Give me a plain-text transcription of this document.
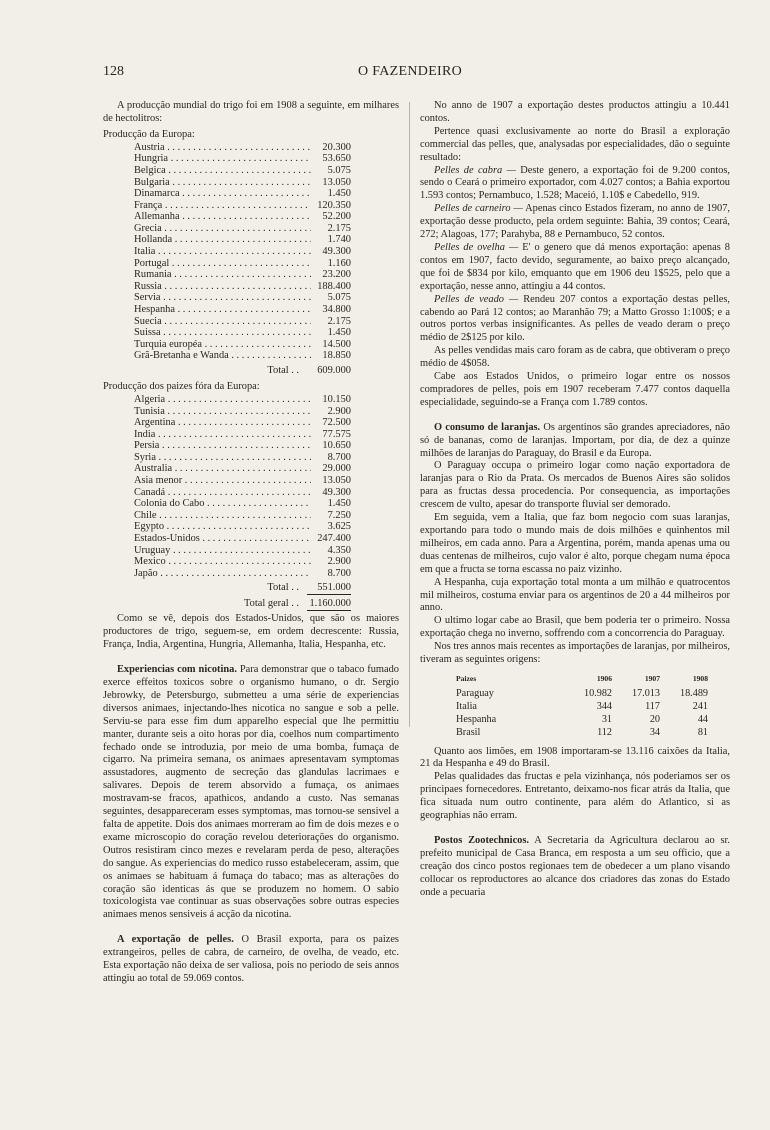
128	O FAZENDEIRO

A producção mundial do trigo foi em 1908 a seguinte, em milhares de hectolitros:

Producção da Europa:

Austria . . .	20.300
Hungria . . .	53.650
Belgica . . .	5.075
Bulgaria . . .	13.050
Dinamarca . . .	1.450
França . . .	120.350
Allemanha . . .	52.200
Grecia . . .	2.175
Hollanda . . .	1.740
Italia . . .	49.300
Portugal . . .	1.160
Rumania . . .	23.200
Russia . . .	188.400
Servia . . .	5.075
Hespanha . . .	34.800
Suecia . . .	2.175
Suissa . . .	1.450
Turquia européa . . .	14.500
Grã-Bretanha e Wanda . . .	18.850
Total . .	609.000

Producção dos paizes fóra da Europa:

Algeria . . .	10.150
Tunisia . . .	2.900
Argentina . . .	72.500
India . . .	77.575
Persia . . .	10.650
Syria . . .	8.700
Australia . . .	29.000
Asia menor . . .	13.050
Canadá . . .	49.300
Colonia do Cabo . . .	1.450
Chile . . .	7.250
Egypto . . .	3.625
Estados-Unidos . . .	247.400
Uruguay . . .	4.350
Mexico . . .	2.900
Japão . . .	8.700
Total . .	551.000
Total geral . . 1.160.000

Como se vê, depois dos Estados-Unidos, que são os maiores productores de trigo, seguem-se, em ordem decrescente: Russia, França, India, Argentina, Hungria, Allemanha, Italia, Hespanha, etc.

Experiencias com nicotina. Para demonstrar que o tabaco fumado exerce effeitos toxicos sobre o organismo humano, o dr. Sergio Jebrowky, de Petersburgo, submetteu a uma série de experiencias diversos animaes, injectando-lhes nicotica no sangue e sob a pelle. Serviu-se para esse fim dum apparelho especial que lhe permittiu manter, durante seis a oito horas por dia, coelhos num compartimento fechado onde se introduzia, por meio de uma bomba, fumaça de cigarro. Na primeira semana, os animaes apresentavam symptomas assustadores, augmento de secreção das glandulas lacrimaes e salivares. Depois de terem absorvido a fumaça, os animaes mostravam-se fracos, apathicos, andando a custo. Nas semanas seguintes, desappareceram esses symptomas, mas tornou-se sensivel a falta de appetite. Dois dos animaes morreram ao fim de dois mezes e o exame microscopio do coração revelou deteriorações do organismo. Outros resistiram cinco mezes e revelaram perda de peso, alterações do sangue. As experiencias do medico russo estabeleceram, assim, que os animaes se habituam á fumaça do tabaco; mas as alterações do coração são identicas ás que se produzem no homem. O sabio toxicologista vae continuar as suas observações sobre outras especies animaes menos sensiveis á acção da nicotina.

A exportação de pelles. O Brasil exporta, para os paizes extrangeiros, pelles de cabra, de carneiro, de ovelha, de veado, etc. Esta exportação não deixa de ser valiosa, pois no periodo de seis annos attingiu ao total de 59.069 contos.

No anno de 1907 a exportação destes productos attingiu a 10.441 contos.

Pertence quasi exclusivamente ao norte do Brasil a exploração commercial das pelles, que, analysadas por especialidades, dão o seguinte resultado:

Pelles de cabra — Deste genero, a exportação foi de 9.200 contos, sendo o Ceará o primeiro exportador, com 4.027 contos; a Bahia exportou 1.593 contos; Pernambuco, 1.528; Maceió, 1.10$ e Cabedello, 919.

Pelles de carneiro — Apenas cinco Estados fizeram, no anno de 1907, exportação desse producto, pela ordem seguinte: Bahia, 39 contos; Ceará, 272; Alagoas, 177; Parahyba, 88 e Pernambuco, 52 contos.

Pelles de ovelha — E' o genero que dá menos exportação: apenas 8 contos em 1907, facto devido, seguramente, ao baixo preço alcançado, que foi de $834 por kilo, emquanto que em 1906 deu 1$525, pelo que a exportação, nesse anno, attingiu a 44 contos.

Pelles de veado — Rendeu 207 contos a exportação destas pelles, cabendo ao Pará 12 contos; ao Maranhão 79; a Matto Grosso 1:100$; e a outros portos verbas insignificantes. As pelles de veado deram o preço médio de 2$125 por kilo.

As pelles vendidas mais caro foram as de cabra, que obtiveram o preço médio de 4$058.

Cabe aos Estados Unidos, o primeiro logar entre os nossos compradores de pelles, pois em 1907 receberam 7.477 contos daquella especialidade, seguindo-se a França com 1.789 contos.

O consumo de laranjas. Os argentinos são grandes apreciadores, não só de bananas, como de laranjas. Importam, por dia, de dez a quinze milhões de laranjas do Paraguay, do Brasil e da Europa.

O Paraguay occupa o primeiro logar como nação exportadora de laranjas para o Rio da Prata. Os mercados de Buenos Aires são solidos para as fructas dessa procedencia. Por consequencia, as importações crescem de vulto, apesar do transporte fluvial ser demorado.

Em seguida, vem a Italia, que faz bom negocio com suas laranjas, exportando para todo o mundo mais de dois milhões e quinhentos mil milheiros, em cada anno. Para a Argentina, porém, manda apenas uma ou duas centenas de milheiros, cujo valor é alto, porque chegam numa época em que a fructa se torna escassa no paiz vizinho.

A Hespanha, cuja exportação total monta a um milhão e quatrocentos mil milheiros, costuma enviar para os argentinos de 20 a 44 milheiros por anno.

O ultimo logar cabe ao Brasil, que bem poderia ter o primeiro. Nossa exportação chega no inverno, soffrendo com a concorrencia do Paraguay.

Nos tres annos mais recentes as importações de laranjas, por milheiros, tiveram as seguintes origens:

Paizes	1906	1907	1908
Paraguay	10.982	17.013	18.489
Italia	344	117	241
Hespanha	31	20	44
Brasil	112	34	81

Quanto aos limões, em 1908 importaram-se 13.116 caixões da Italia, 21 da Hespanha e 49 do Brasil.

Pelas qualidades das fructas e pela vizinhança, nós poderiamos ser os principaes fornecedores. Entretanto, deixamo-nos ficar atrás da Italia, que fica situada num outro continente, para além do Atlantico, si as geographias não erram.

Postos Zootechnicos. A Secretaria da Agricultura declarou ao sr. prefeito municipal de Casa Branca, em resposta a um seu officio, que a creação dos cinco postos regionaes tem de obedecer a um plano visando collocar os reproductores ao alcance dos criadores das zonas do Estado onde a pecuaria
